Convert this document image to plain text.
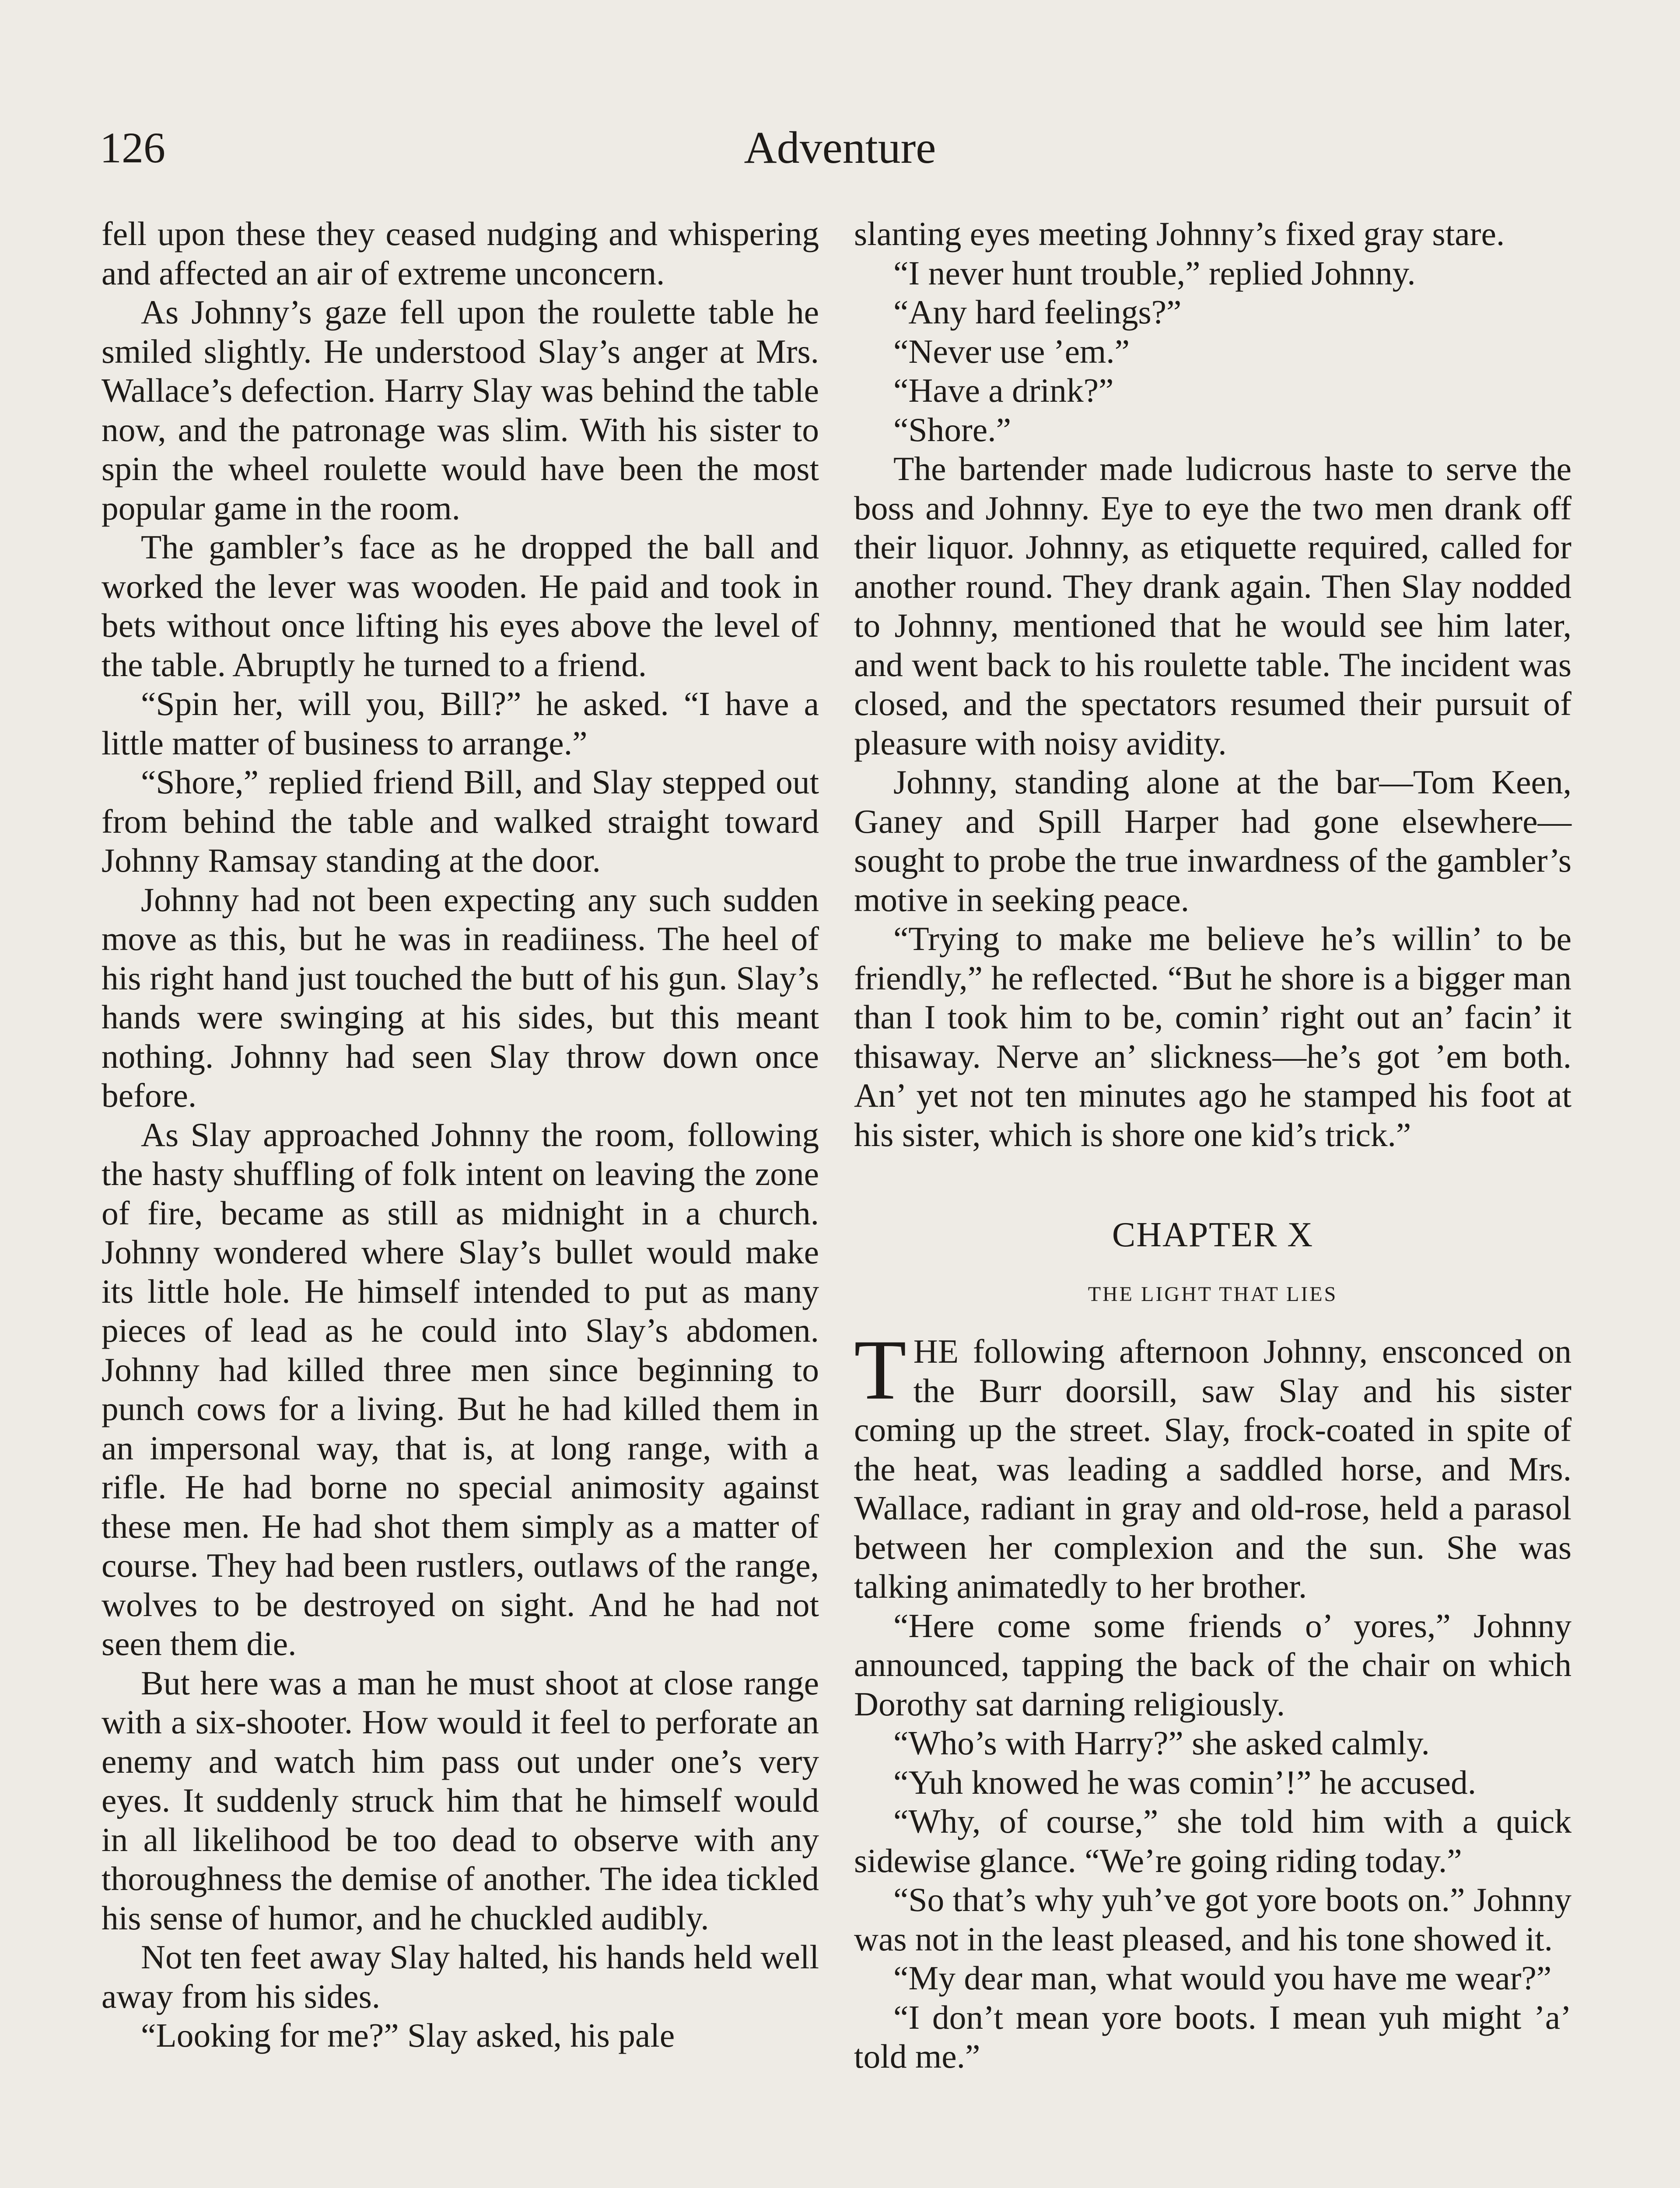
126	Adventure

fell upon these they ceased nudging and whispering and affected an air of extreme unconcern.

As Johnny’s gaze fell upon the roulette table he smiled slightly. He understood Slay’s anger at Mrs. Wallace’s defection. Harry Slay was behind the table now, and the patronage was slim. With his sister to spin the wheel roulette would have been the most popular game in the room.

The gambler’s face as he dropped the ball and worked the lever was wooden. He paid and took in bets without once lifting his eyes above the level of the table. Abruptly he turned to a friend.

“Spin her, will you, Bill?” he asked. “I have a little matter of business to arrange.”

“Shore,” replied friend Bill, and Slay stepped out from behind the table and walked straight toward Johnny Ramsay standing at the door.

Johnny had not been expecting any such sudden move as this, but he was in readiiness. The heel of his right hand just touched the butt of his gun. Slay’s hands were swinging at his sides, but this meant nothing. Johnny had seen Slay throw down once before.

As Slay approached Johnny the room, following the hasty shuffling of folk intent on leaving the zone of fire, became as still as midnight in a church. Johnny wondered where Slay’s bullet would make its little hole. He himself intended to put as many pieces of lead as he could into Slay’s abdomen. Johnny had killed three men since beginning to punch cows for a living. But he had killed them in an impersonal way, that is, at long range, with a rifle. He had borne no special animosity against these men. He had shot them simply as a matter of course. They had been rustlers, outlaws of the range, wolves to be destroyed on sight. And he had not seen them die.

But here was a man he must shoot at close range with a six-shooter. How would it feel to perforate an enemy and watch him pass out under one’s very eyes. It suddenly struck him that he himself would in all likelihood be too dead to observe with any thoroughness the demise of another. The idea tickled his sense of humor, and he chuckled audibly.

Not ten feet away Slay halted, his hands held well away from his sides.

“Looking for me?” Slay asked, his pale

slanting eyes meeting Johnny’s fixed gray stare.

“I never hunt trouble,” replied Johnny.

“Any hard feelings?”

“Never use ’em.”

“Have a drink?”

“Shore.”

The bartender made ludicrous haste to serve the boss and Johnny. Eye to eye the two men drank off their liquor. Johnny, as etiquette required, called for another round. They drank again. Then Slay nodded to Johnny, mentioned that he would see him later, and went back to his roulette table. The incident was closed, and the spectators resumed their pursuit of pleasure with noisy avidity.

Johnny, standing alone at the bar—Tom Keen, Ganey and Spill Harper had gone elsewhere—sought to probe the true inwardness of the gambler’s motive in seeking peace.

“Trying to make me believe he’s willin’ to be friendly,” he reflected. “But he shore is a bigger man than I took him to be, comin’ right out an’ facin’ it thisaway. Nerve an’ slickness—he’s got ’em both. An’ yet not ten minutes ago he stamped his foot at his sister, which is shore one kid’s trick.”

CHAPTER X
THE LIGHT THAT LIES

THE following afternoon Johnny, ensconced on the Burr doorsill, saw Slay and his sister coming up the street. Slay, frock-coated in spite of the heat, was leading a saddled horse, and Mrs. Wallace, radiant in gray and old-rose, held a parasol between her complexion and the sun. She was talking animatedly to her brother.

“Here come some friends o’ yores,” Johnny announced, tapping the back of the chair on which Dorothy sat darning religiously.

“Who’s with Harry?” she asked calmly.

“Yuh knowed he was comin’!” he accused.

“Why, of course,” she told him with a quick sidewise glance. “We’re going riding today.”

“So that’s why yuh’ve got yore boots on.” Johnny was not in the least pleased, and his tone showed it.

“My dear man, what would you have me wear?”

“I don’t mean yore boots. I mean yuh might ’a’ told me.”
